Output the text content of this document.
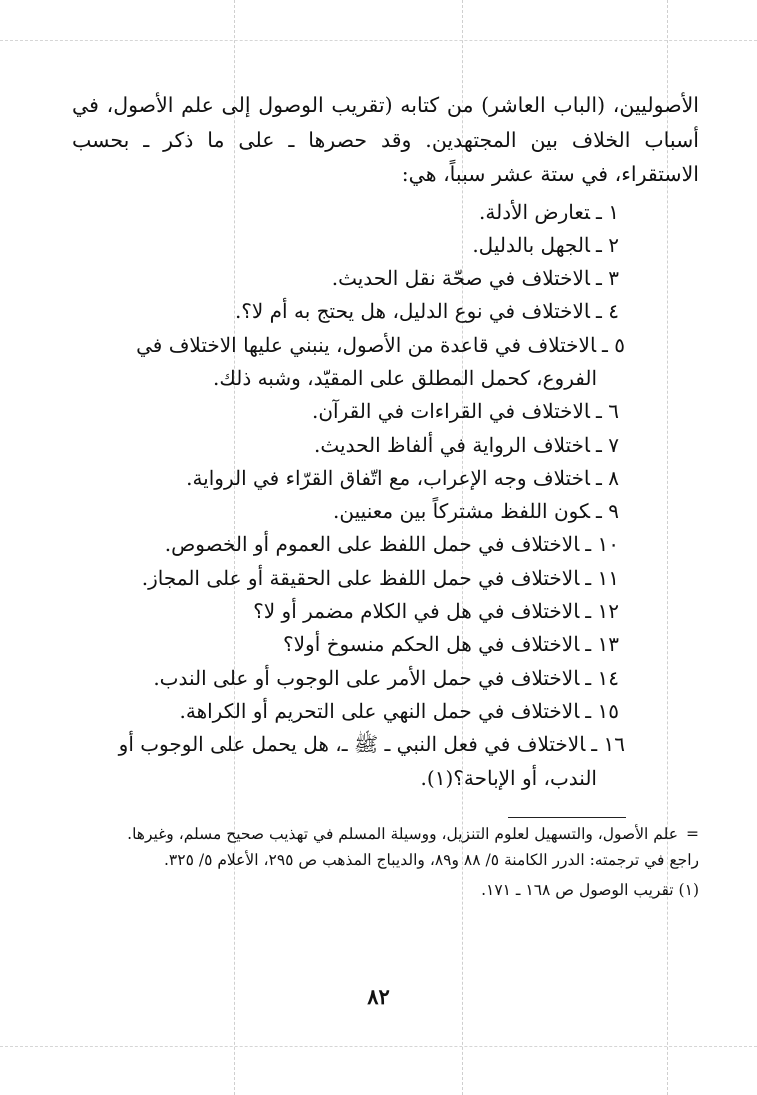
الأصوليين، (الباب العاشر) من كتابه (تقريب الوصول إلى علم الأصول، في أسباب الخلاف بين المجتهدين. وقد حصرها ـ على ما ذكر ـ بحسب الاستقراء، في ستة عشر سبباً، هي:

١ ـتعارض الأدلة.
٢ ـالجهل بالدليل.
٣ ـالاختلاف في صحّة نقل الحديث.
٤ ـالاختلاف في نوع الدليل، هل يحتج به أم لا؟.
٥ ـالاختلاف في قاعدة من الأصول، ينبني عليها الاختلاف في
الفروع، كحمل المطلق على المقيّد، وشبه ذلك.
٦ ـالاختلاف في القراءات في القرآن.
٧ ـاختلاف الرواية في ألفاظ الحديث.
٨ ـاختلاف وجه الإعراب، مع اتّفاق القرّاء في الرواية.
٩ ـكون اللفظ مشتركاً بين معنيين.
١٠ ـالاختلاف في حمل اللفظ على العموم أو الخصوص.
١١ ـالاختلاف في حمل اللفظ على الحقيقة أو على المجاز.
١٢ ـالاختلاف في هل في الكلام مضمر أو لا؟
١٣ ـالاختلاف في هل الحكم منسوخ أولا؟
١٤ ـالاختلاف في حمل الأمر على الوجوب أو على الندب.
١٥ ـالاختلاف في حمل النهي على التحريم أو الكراهة.
١٦ ـالاختلاف في فعل النبي ـ ﷺ ـ، هل يحمل على الوجوب أو
الندب، أو الإباحة؟(١).

=علم الأصول، والتسهيل لعلوم التنزيل، ووسيلة المسلم في تهذيب صحيح مسلم، وغيرها.

راجع في ترجمته: الدرر الكامنة ٥/ ٨٨ و٨٩، والديباج المذهب ص ٢٩٥، الأعلام ٥/ ٣٢٥.

(١) تقريب الوصول ص ١٦٨ ـ ١٧١.

٨٢
